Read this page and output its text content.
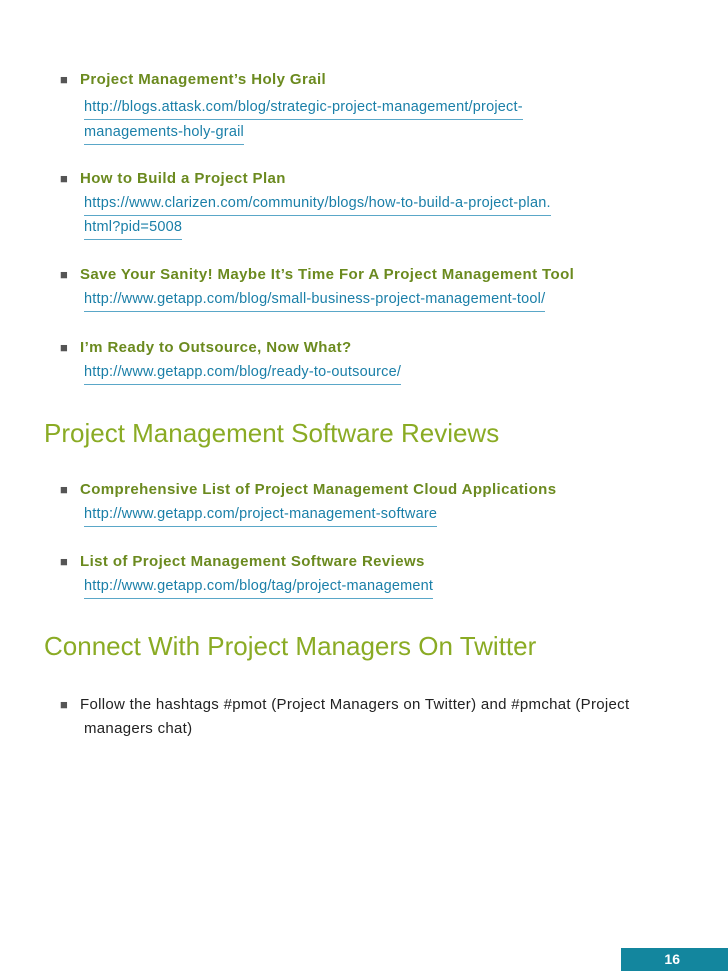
■ Project Management’s Holy Grail
http://blogs.attask.com/blog/strategic-project-management/project-
managements-holy-grail
■ How to Build a Project Plan
https://www.clarizen.com/community/blogs/how-to-build-a-project-plan.
html?pid=5008
■ Save Your Sanity! Maybe It’s Time For A Project Management Tool
http://www.getapp.com/blog/small-business-project-management-tool/
■ I’m Ready to Outsource, Now What?
http://www.getapp.com/blog/ready-to-outsource/
Project Management Software Reviews
■ Comprehensive List of Project Management Cloud Applications
http://www.getapp.com/project-management-software
■ List of Project Management Software Reviews
http://www.getapp.com/blog/tag/project-management
Connect With Project Managers On Twitter
■ Follow the hashtags #pmot (Project Managers on Twitter) and #pmchat (Project
managers chat)
16
